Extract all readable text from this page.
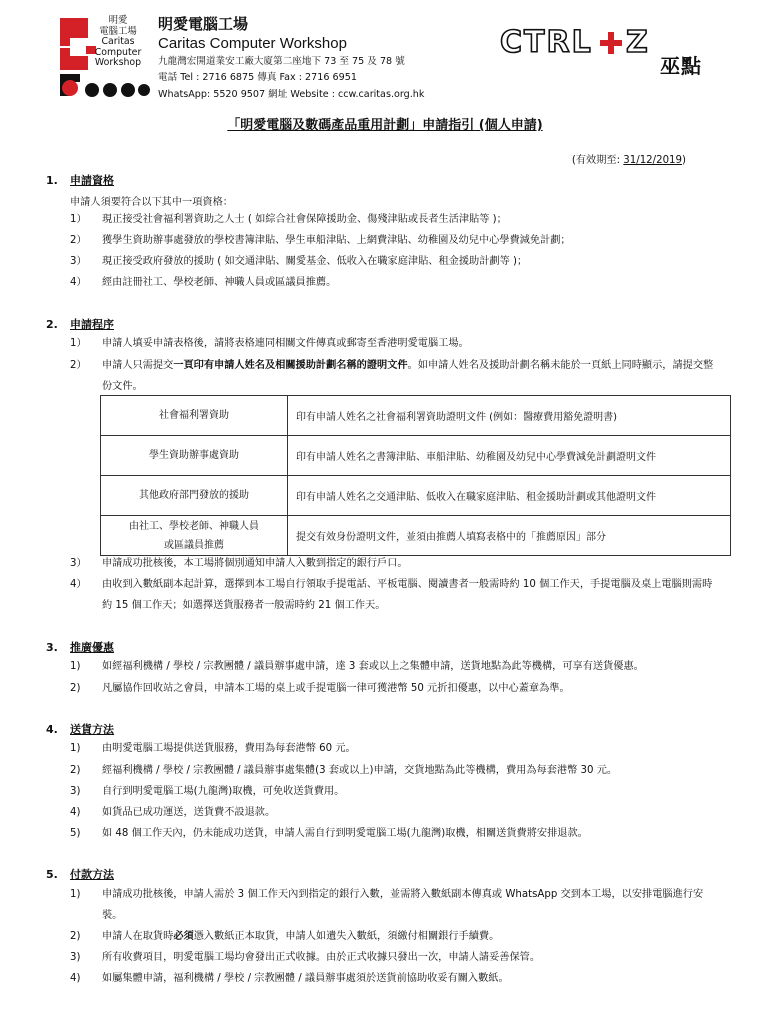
明愛
電腦工場
Caritas
Computer
Workshop
明愛電腦工場
Caritas Computer Workshop
九龍灣宏開道業安工廠大廈第二座地下 73 至 75 及 78 號
電話 Tel : 2716 6875 傳真 Fax : 2716 6951
WhatsApp: 5520 9507 網址 Website : ccw.caritas.org.hk
CTRL Z
巫點
「明愛電腦及數碼產品重用計劃」申請指引 (個人申請)
(有效期至: 31/12/2019)
1. 申請資格
申請人須要符合以下其中一項資格：
1）	現正接受社會福利署資助之人士 ( 如綜合社會保障援助金、傷殘津貼或長者生活津貼等 )；
2）	獲學生資助辦事處發放的學校書簿津貼、學生車船津貼、上網費津貼、幼稚園及幼兒中心學費減免計劃；
3）	現正接受政府發放的援助 ( 如交通津貼、關愛基金、低收入在職家庭津貼、租金援助計劃等 )；
4）	經由註冊社工、學校老師、神職人員或區議員推薦。
2. 申請程序
1）	申請人填妥申請表格後，請將表格連同相關文件傳真或郵寄至香港明愛電腦工場。
2）	申請人只需提交一頁印有申請人姓名及相關援助計劃名稱的證明文件。如申請人姓名及援助計劃名稱未能於一頁紙上同時顯示，請提交整份文件。
社會福利署資助	印有申請人姓名之社會福利署資助證明文件 (例如：醫療費用豁免證明書)
學生資助辦事處資助	印有申請人姓名之書簿津貼、車船津貼、幼稚園及幼兒中心學費減免計劃證明文件
其他政府部門發放的援助	印有申請人姓名之交通津貼、低收入在職家庭津貼、租金援助計劃或其他證明文件

由社工、學校老師、神職人員
或區議員推薦	提交有效身份證明文件，並須由推薦人填寫表格中的「推薦原因」部分
3）	申請成功批核後，本工場將個別通知申請人入數到指定的銀行戶口。
4）	由收到入數紙副本起計算，選擇到本工場自行領取手提電話、平板電腦、閱讀書者一般需時約 10 個工作天，手提電腦及桌上電腦則需時約 15 個工作天；如選擇送貨服務者一般需時約 21 個工作天。
3. 推廣優惠
1)	如經福利機構 / 學校 / 宗教團體 / 議員辦事處申請，達 3 套或以上之集體申請，送貨地點為此等機構，可享有送貨優惠。
2)	凡屬協作回收站之會員，申請本工場的桌上或手提電腦一律可獲港幣 50 元折扣優惠，以中心蓋章為準。
4. 送貨方法
1)	由明愛電腦工場提供送貨服務，費用為每套港幣 60 元。
2)	經福利機構 / 學校 / 宗教團體 / 議員辦事處集體(3 套或以上)申請，交貨地點為此等機構，費用為每套港幣 30 元。
3)	自行到明愛電腦工場(九龍灣)取機，可免收送貨費用。
4)	如貨品已成功運送，送貨費不設退款。
5)	如 48 個工作天內，仍未能成功送貨，申請人需自行到明愛電腦工場(九龍灣)取機，相關送貨費將安排退款。
5. 付款方法
1)	申請成功批核後，申請人需於 3 個工作天內到指定的銀行入數，並需將入數紙副本傳真或 WhatsApp 交到本工場，以安排電腦進行安裝。
2)	申請人在取貨時必須憑入數紙正本取貨，申請人如遺失入數紙，須繳付相關銀行手續費。
3)	所有收費項目，明愛電腦工場均會發出正式收據。由於正式收據只發出一次，申請人請妥善保管。
4)	如屬集體申請，福利機構 / 學校 / 宗教團體 / 議員辦事處須於送貨前協助收妥有關入數紙。
